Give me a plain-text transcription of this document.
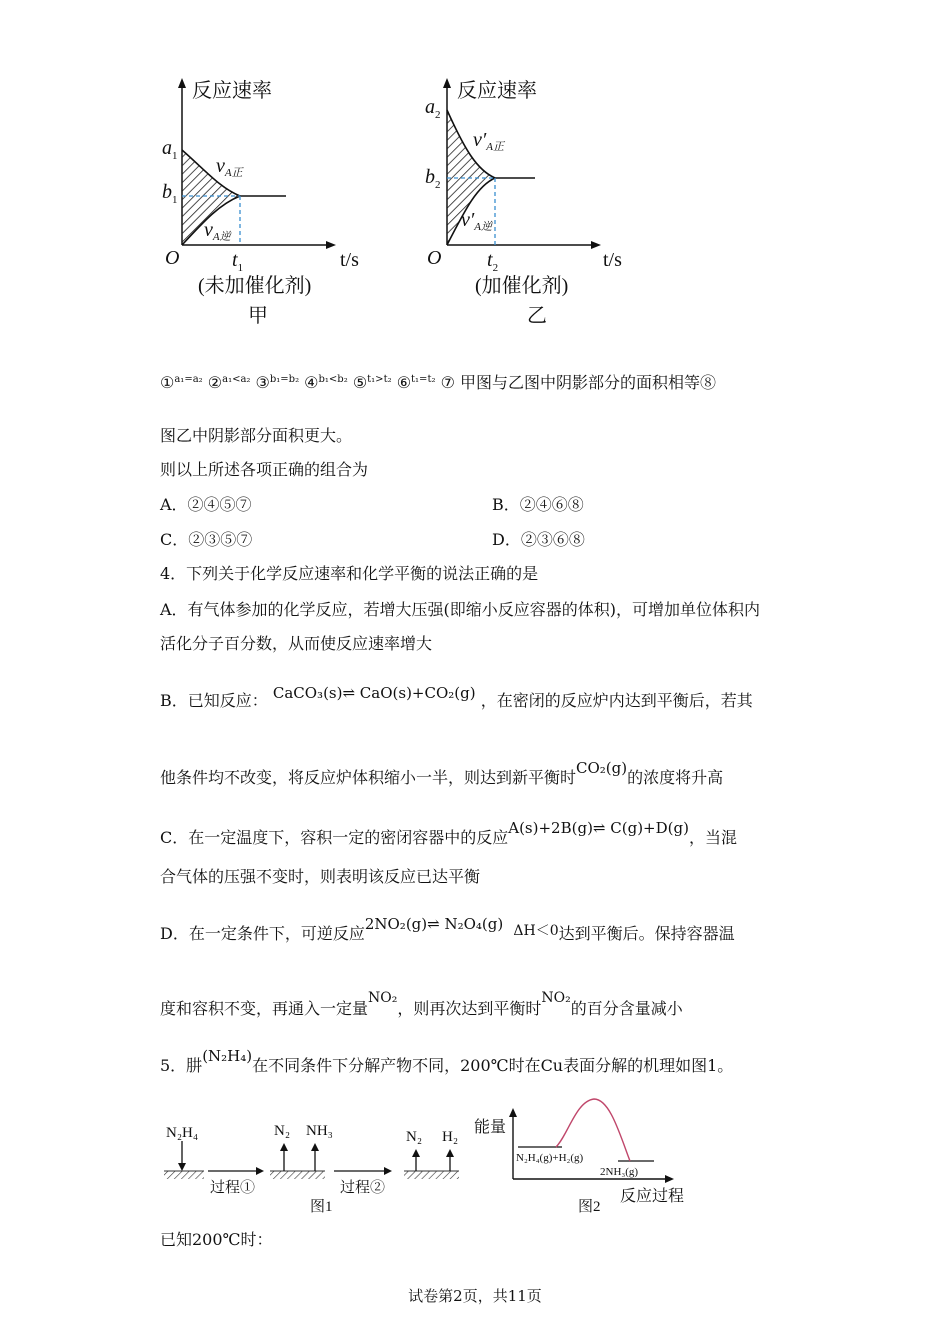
反应速率
t/s
O
$a_1$
$b_1$
$t_1$
$v_{A正}$
$v_{A逆}$
(未加催化剂)
甲
反应速率
t/s
O
$a_2$
$b_2$
$t_2$
$v'_{A正}$
$v'_{A逆}$
(加催化剂)
乙
①$^{a_1=a_2}$ ②$^{a_1<a_2}$ ③$^{b_1=b_2}$ ④$^{b_1<b_2}$ ⑤$^{t_1>t_2}$ ⑥$^{t_1=t_2}$ ⑦ 甲图与乙图中阴影部分的面积相等⑧
图乙中阴影部分面积更大。
则以上所述各项正确的组合为
A．②④⑤⑦	B．②④⑥⑧
C．②③⑤⑦	D．②③⑥⑧
4．下列关于化学反应速率和化学平衡的说法正确的是
A．有气体参加的化学反应，若增大压强(即缩小反应容器的体积)，可增加单位体积内
活化分子百分数，从而使反应速率增大
B．已知反应： CaCO₃(s)⇌ CaO(s)+CO₂(g) ，在密闭的反应炉内达到平衡后，若其
他条件均不改变，将反应炉体积缩小一半，则达到新平衡时CO₂(g)的浓度将升高
C．在一定温度下，容积一定的密闭容器中的反应A(s)+2B(g)⇌ C(g)+D(g)，当混
合气体的压强不变时，则表明该反应已达平衡
D．在一定条件下，可逆反应2NO₂(g)⇌ N₂O₄(g) ΔH＜0达到平衡后。保持容器温
度和容积不变，再通入一定量NO₂，则再次达到平衡时NO₂的百分含量减小
5．肼(N₂H₄)在不同条件下分解产物不同，200℃时在Cu表面分解的机理如图1。
N₂H₄
过程①
N₂ NH₃
过程②
N₂ H₂
图1
能量
反应过程
N₂H₄(g)+H₂(g)
2NH₃(g)
图2
已知200℃时：
试卷第2页，共11页
